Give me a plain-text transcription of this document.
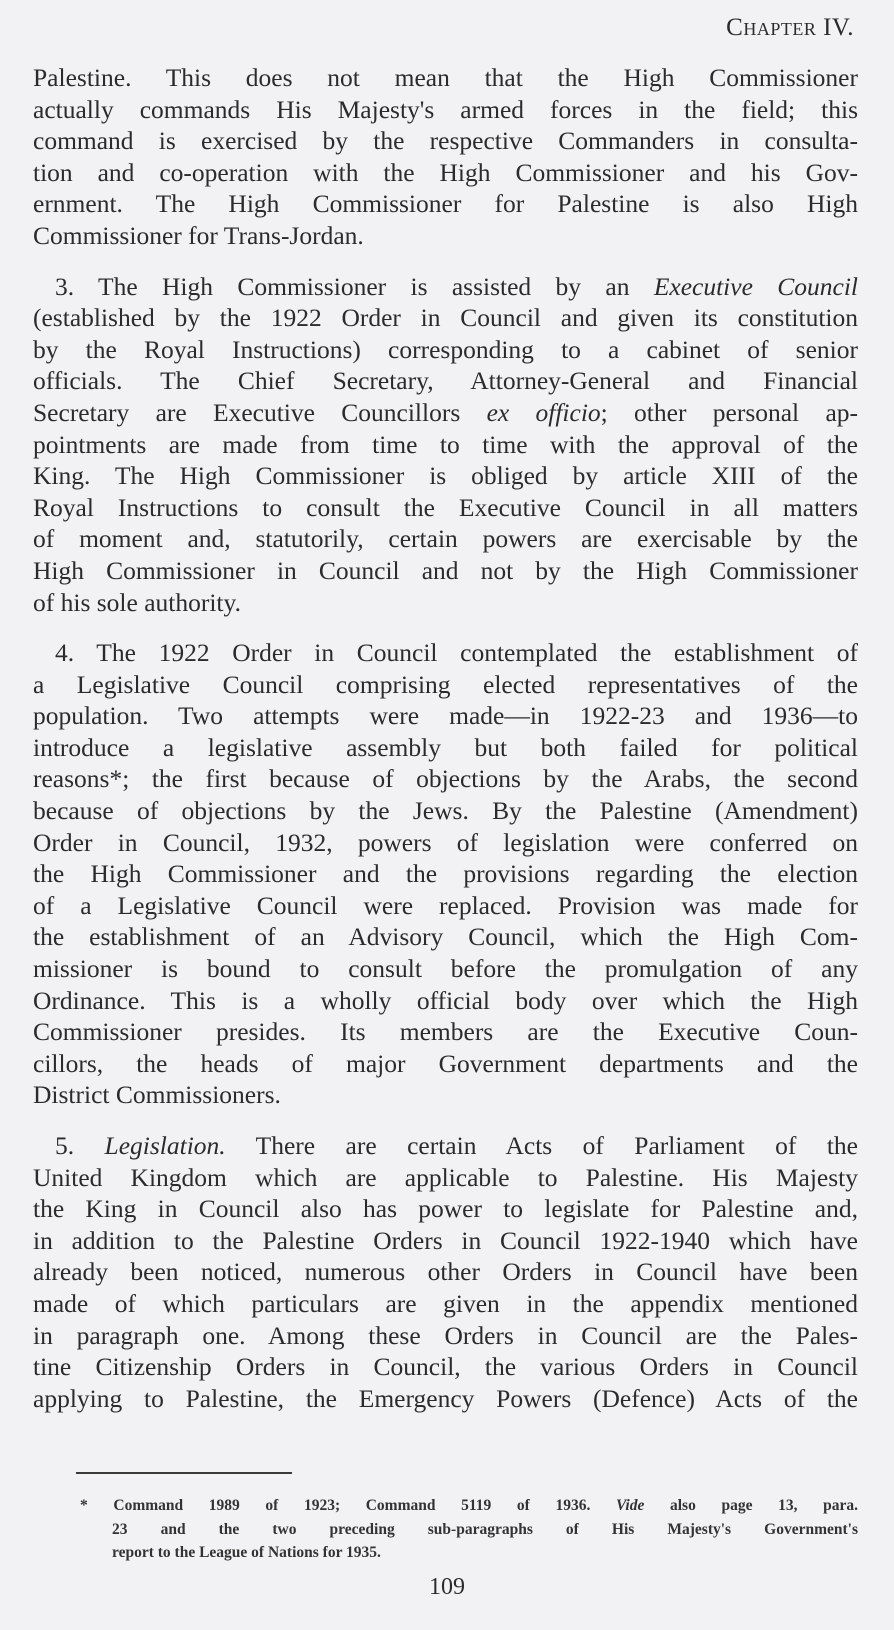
Chapter IV.
Palestine. This does not mean that the High Commissioner
actually commands His Majesty's armed forces in the field; this
command is exercised by the respective Commanders in consulta-
tion and co-operation with the High Commissioner and his Gov-
ernment. The High Commissioner for Palestine is also High
Commissioner for Trans-Jordan.
3. The High Commissioner is assisted by an Executive Council
(established by the 1922 Order in Council and given its constitution
by the Royal Instructions) corresponding to a cabinet of senior
officials. The Chief Secretary, Attorney-General and Financial
Secretary are Executive Councillors ex officio; other personal ap-
pointments are made from time to time with the approval of the
King. The High Commissioner is obliged by article XIII of the
Royal Instructions to consult the Executive Council in all matters
of moment and, statutorily, certain powers are exercisable by the
High Commissioner in Council and not by the High Commissioner
of his sole authority.
4. The 1922 Order in Council contemplated the establishment of
a Legislative Council comprising elected representatives of the
population. Two attempts were made—in 1922-23 and 1936—to
introduce a legislative assembly but both failed for political
reasons*; the first because of objections by the Arabs, the second
because of objections by the Jews. By the Palestine (Amendment)
Order in Council, 1932, powers of legislation were conferred on
the High Commissioner and the provisions regarding the election
of a Legislative Council were replaced. Provision was made for
the establishment of an Advisory Council, which the High Com-
missioner is bound to consult before the promulgation of any
Ordinance. This is a wholly official body over which the High
Commissioner presides. Its members are the Executive Coun-
cillors, the heads of major Government departments and the
District Commissioners.
5. Legislation. There are certain Acts of Parliament of the
United Kingdom which are applicable to Palestine. His Majesty
the King in Council also has power to legislate for Palestine and,
in addition to the Palestine Orders in Council 1922-1940 which have
already been noticed, numerous other Orders in Council have been
made of which particulars are given in the appendix mentioned
in paragraph one. Among these Orders in Council are the Pales-
tine Citizenship Orders in Council, the various Orders in Council
applying to Palestine, the Emergency Powers (Defence) Acts of the
* Command 1989 of 1923; Command 5119 of 1936. Vide also page 13, para.
23 and the two preceding sub-paragraphs of His Majesty's Government's
report to the League of Nations for 1935.
109
